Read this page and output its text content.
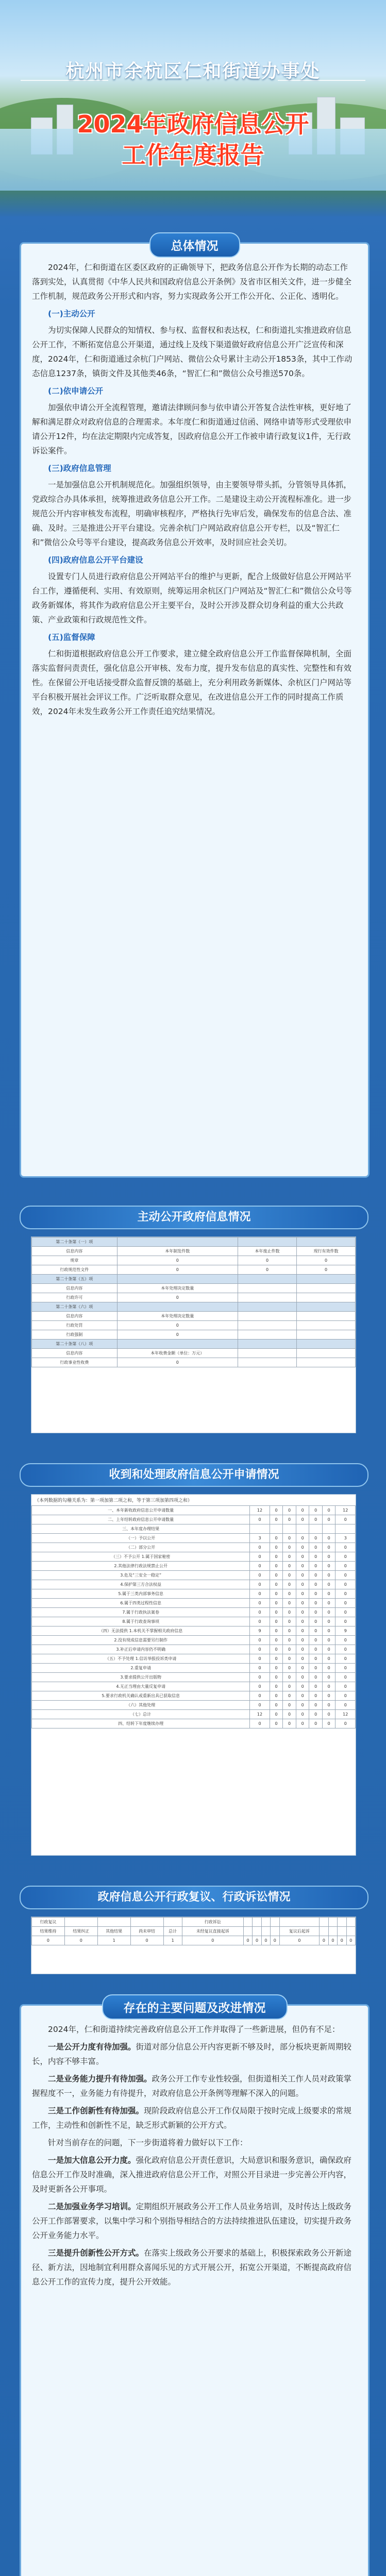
杭州市余杭区仁和街道办事处
2024年政府信息公开
工作年度报告
总体情况

2024年，仁和街道在区委区政府的正确领导下，把政务信息公开作为长期的动态工作落到实处，认真贯彻《中华人民共和国政府信息公开条例》及省市区相关文件，进一步健全工作机制，规范政务公开形式和内容，努力实现政务公开工作公开化、公正化、透明化。

(一)主动公开

为切实保障人民群众的知情权、参与权、监督权和表达权，仁和街道扎实推进政府信息公开工作，不断拓宽信息公开渠道，通过线上及线下渠道做好政府信息公开广泛宣传和深度，2024年，仁和街道通过余杭门户网站、微信公众号累计主动公开1853条，其中工作动态信息1237条，镇街文件及其他类46条，“智汇仁和”微信公众号推送570条。

(二)依申请公开

加强依申请公开全流程管理，邀请法律顾问参与依申请公开答复合法性审核，更好地了解和满足群众对政府信息的合理需求。本年度仁和街道通过信函、网络申请等形式受理依申请公开12件，均在法定期限内完成答复，因政府信息公开工作被申请行政复议1件，无行政诉讼案件。

(三)政府信息管理

一是加强信息公开机制规范化。加强组织领导，由主要领导带头抓，分管领导具体抓，党政综合办具体承担，统筹推进政务信息公开工作。二是建设主动公开流程标准化。进一步规范公开内容审核发布流程，明确审核程序，严格执行先审后发，确保发布的信息合法、准确、及时。三是推进公开平台建设。完善余杭门户网站政府信息公开专栏，以及“智汇仁和”微信公众号等平台建设，提高政务信息公开效率，及时回应社会关切。

(四)政府信息公开平台建设

设置专门人员进行政府信息公开网站平台的维护与更新，配合上级做好信息公开网站平台工作，遵循便利、实用、有效原则，统筹运用余杭区门户网站及“智汇仁和”微信公众号等政务新媒体，将其作为政府信息公开主要平台，及时公开涉及群众切身利益的重大公共政策、产业政策和行政规范性文件。

(五)监督保障

仁和街道根据政府信息公开工作要求，建立健全政府信息公开工作监督保障机制，全面落实监督问责责任，强化信息公开审核、发布力度，提升发布信息的真实性、完整性和有效性。在保留公开电话接受群众监督反馈的基础上，充分利用政务新媒体、余杭区门户网站等平台积极开展社会评议工作。广泛听取群众意见，在改进信息公开工作的同时提高工作质效，2024年未发生政务公开工作责任追究结果情况。

主动公开政府信息情况
第二十条第（一）项			
信息内容	本年制发件数	本年废止件数	现行有效件数
规章	0	0	0
行政规范性文件	0	0	0
第二十条第（五）项			
信息内容	本年处理决定数量		
行政许可	0		
第二十条第（六）项			
信息内容	本年处理决定数量		
行政处罚	0		
行政强制	0		
第二十条第（八）项			
信息内容	本年收费金额（单位：万元）		
行政事业性收费	0		
收到和处理政府信息公开申请情况
（本列数据的勾稽关系为：第一项加第二项之和，等于第三项加第四项之和）
一、本年新收政府信息公开申请数量	12	0	0	0	0	0	12
二、上年结转政府信息公开申请数量	0	0	0	0	0	0	0
三、本年度办理结果							
（一）予以公开	3	0	0	0	0	0	3
（二）部分公开	0	0	0	0	0	0	0
（三）不予公开 1.属于国家秘密	0	0	0	0	0	0	0
2.其他法律行政法规禁止公开	0	0	0	0	0	0	0
3.危及“三安全一稳定”	0	0	0	0	0	0	0
4.保护第三方合法权益	0	0	0	0	0	0	0
5.属于三类内部事务信息	0	0	0	0	0	0	0
6.属于四类过程性信息	0	0	0	0	0	0	0
7.属于行政执法案卷	0	0	0	0	0	0	0
8.属于行政查询事项	0	0	0	0	0	0	0
（四）无法提供 1.本机关不掌握相关政府信息	9	0	0	0	0	0	9
2.没有现成信息需要另行制作	0	0	0	0	0	0	0
3.补正后申请内容仍不明确	0	0	0	0	0	0	0
（五）不予处理 1.信访举报投诉类申请	0	0	0	0	0	0	0
2.重复申请	0	0	0	0	0	0	0
3.要求提供公开出版物	0	0	0	0	0	0	0
4.无正当理由大量反复申请	0	0	0	0	0	0	0
5.要求行政机关确认或重新出具已获取信息	0	0	0	0	0	0	0
（六）其他处理	0	0	0	0	0	0	0
（七）总计	12	0	0	0	0	0	12
四、结转下年度继续办理	0	0	0	0	0	0	0
政府信息公开行政复议、行政诉讼情况
行政复议					行政诉讼									
结果维持	结果纠正	其他结果	尚未审结	总计	未经复议直接起诉					复议后起诉				
0	0	1	0	1	0	0	0	0	0	0	0	0	0	0
存在的主要问题及改进情况

2024年，仁和街道持续完善政府信息公开工作并取得了一些新进展，但仍有不足：

一是公开力度有待加强。街道对部分信息公开内容更新不够及时，部分板块更新周期较长，内容不够丰富。

二是业务能力提升有待加强。政务公开工作专业性较强，但街道相关工作人员对政策掌握程度不一，业务能力有待提升，对政府信息公开条例等理解不深入的问题。

三是工作创新性有待加强。现阶段政府信息公开工作仅局限于按时完成上级要求的常规工作，主动性和创新性不足，缺乏形式新颖的公开方式。

针对当前存在的问题，下一步街道将着力做好以下工作：

一是加大信息公开力度。强化政府信息公开责任意识，大局意识和服务意识，确保政府信息公开工作及时准确，深入推进政府信息公开工作，对照公开目录进一步完善公开内容，及时更新各公开事项。

二是加强业务学习培训。定期组织开展政务公开工作人员业务培训，及时传达上级政务公开工作部署要求，以集中学习和个别指导相结合的方法持续推进队伍建设，切实提升政务公开业务能力水平。

三是提升创新性公开方式。在落实上级政务公开要求的基础上，积极探索政务公开新途径、新方法，因地制宜利用群众喜闻乐见的方式开展公开，拓宽公开渠道，不断提高政府信息公开工作的宣传力度，提升公开效能。
